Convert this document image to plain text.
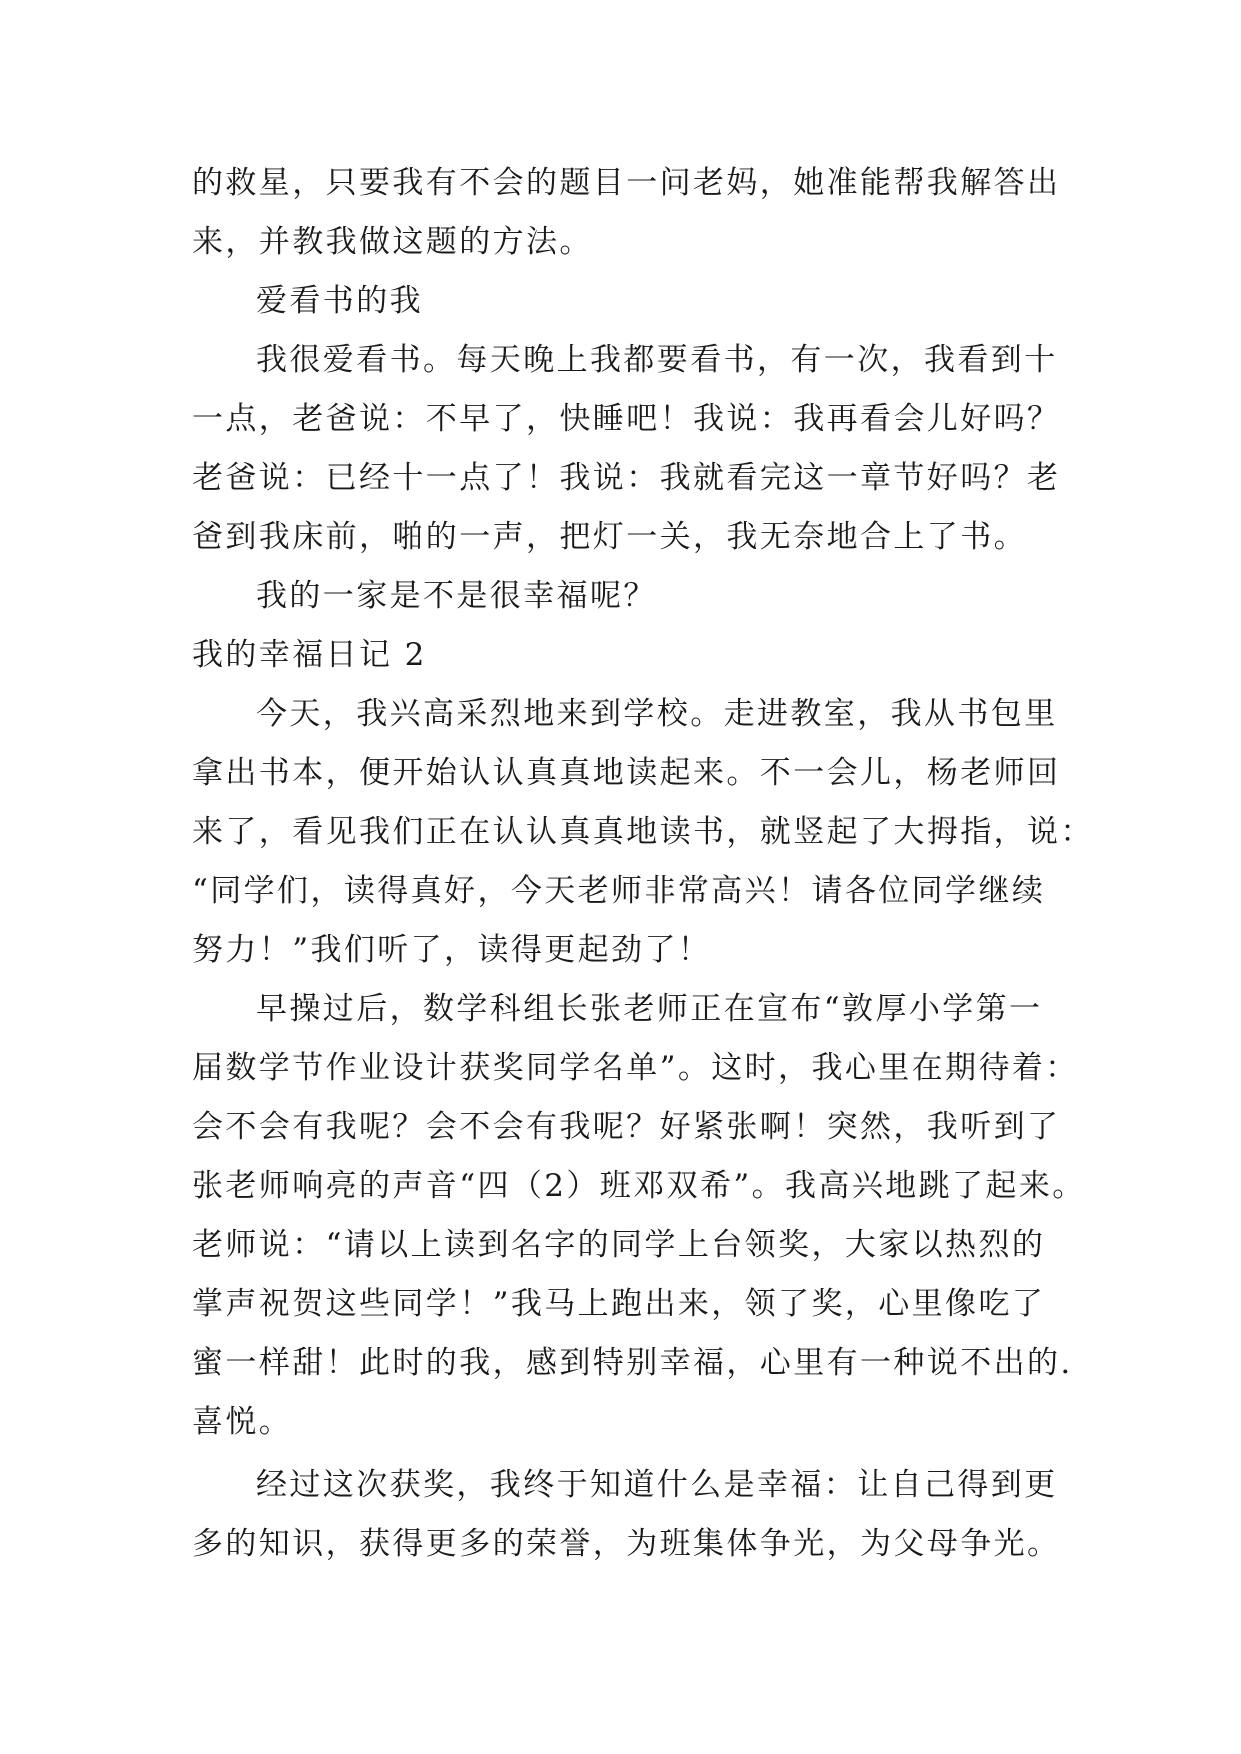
的救星，只要我有不会的题目一问老妈，她准能帮我解答出
来，并教我做这题的方法。
爱看书的我
我很爱看书。每天晚上我都要看书，有一次，我看到十
一点，老爸说：不早了，快睡吧！我说：我再看会儿好吗？
老爸说：已经十一点了！我说：我就看完这一章节好吗？老
爸到我床前，啪的一声，把灯一关，我无奈地合上了书。
我的一家是不是很幸福呢？
我的幸福日记 2
今天，我兴高采烈地来到学校。走进教室，我从书包里
拿出书本，便开始认认真真地读起来。不一会儿，杨老师回
来了，看见我们正在认认真真地读书，就竖起了大拇指，说：
“同学们，读得真好，今天老师非常高兴！请各位同学继续
努力！”我们听了，读得更起劲了！
早操过后，数学科组长张老师正在宣布“敦厚小学第一
届数学节作业设计获奖同学名单”。这时，我心里在期待着：
会不会有我呢？会不会有我呢？好紧张啊！突然，我听到了
张老师响亮的声音“四（2）班邓双希”。我高兴地跳了起来。
老师说：“请以上读到名字的同学上台领奖，大家以热烈的
掌声祝贺这些同学！”我马上跑出来，领了奖，心里像吃了
蜜一样甜！此时的我，感到特别幸福，心里有一种说不出的.
喜悦。
经过这次获奖，我终于知道什么是幸福：让自己得到更
多的知识，获得更多的荣誉，为班集体争光，为父母争光。
